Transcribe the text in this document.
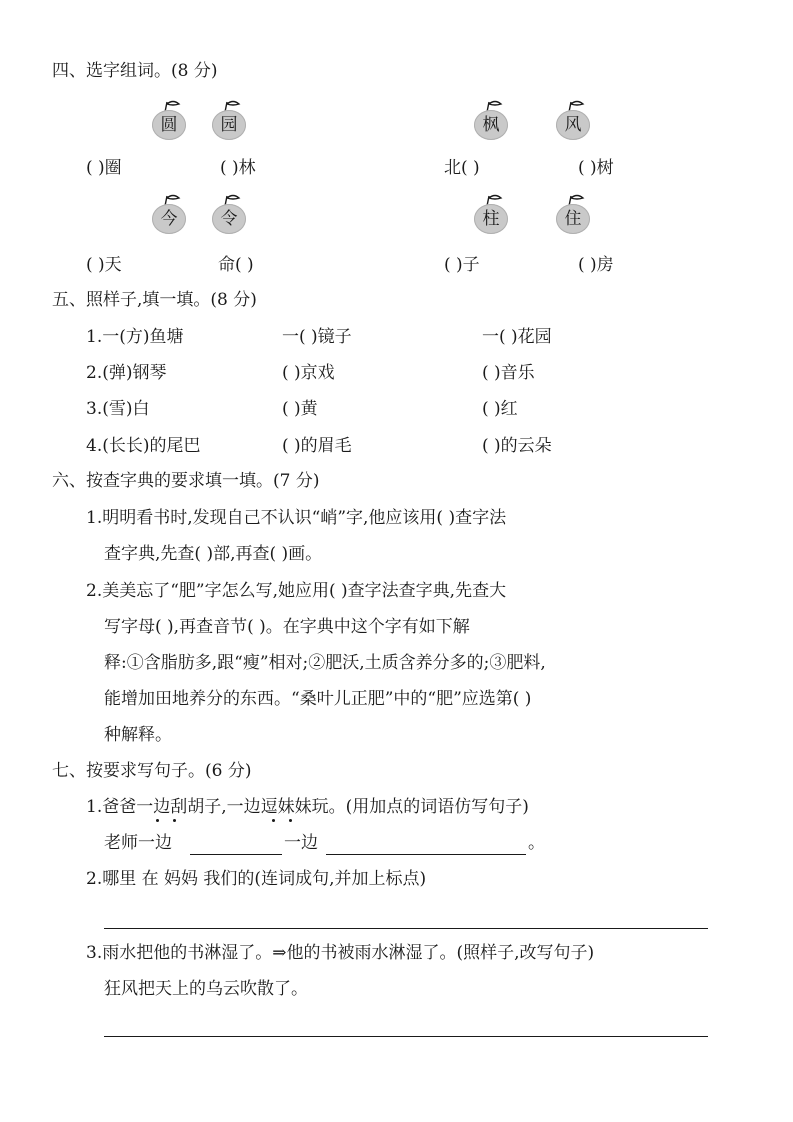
四、选字组词。(8 分)
圆	园	枫	风
( )圈	( )林	北( )	( )树
今	令	柱	住
( )天	命( )	( )子	( )房
五、照样子,填一填。(8 分)
1.一(方)鱼塘	一( )镜子	一( )花园
2.(弹)钢琴	( )京戏	( )音乐
3.(雪)白	( )黄	( )红
4.(长长)的尾巴	( )的眉毛	( )的云朵
六、按查字典的要求填一填。(7 分)
1.明明看书时,发现自己不认识“峭”字,他应该用( )查字法
查字典,先查( )部,再查( )画。
2.美美忘了“肥”字怎么写,她应用( )查字法查字典,先查大
写字母( ),再查音节( )。在字典中这个字有如下解
释:①含脂肪多,跟“瘦”相对;②肥沃,土质含养分多的;③肥料,
能增加田地养分的东西。“桑叶儿正肥”中的“肥”应选第( )
种解释。
七、按要求写句子。(6 分)
1.爸爸一边刮胡子,一边逗妹妹玩。(用加点的词语仿写句子)
老师一边	一边	。
2.哪里 在 妈妈 我们的(连词成句,并加上标点)
3.雨水把他的书淋湿了。⇒他的书被雨水淋湿了。(照样子,改写句子)
狂风把天上的乌云吹散了。
